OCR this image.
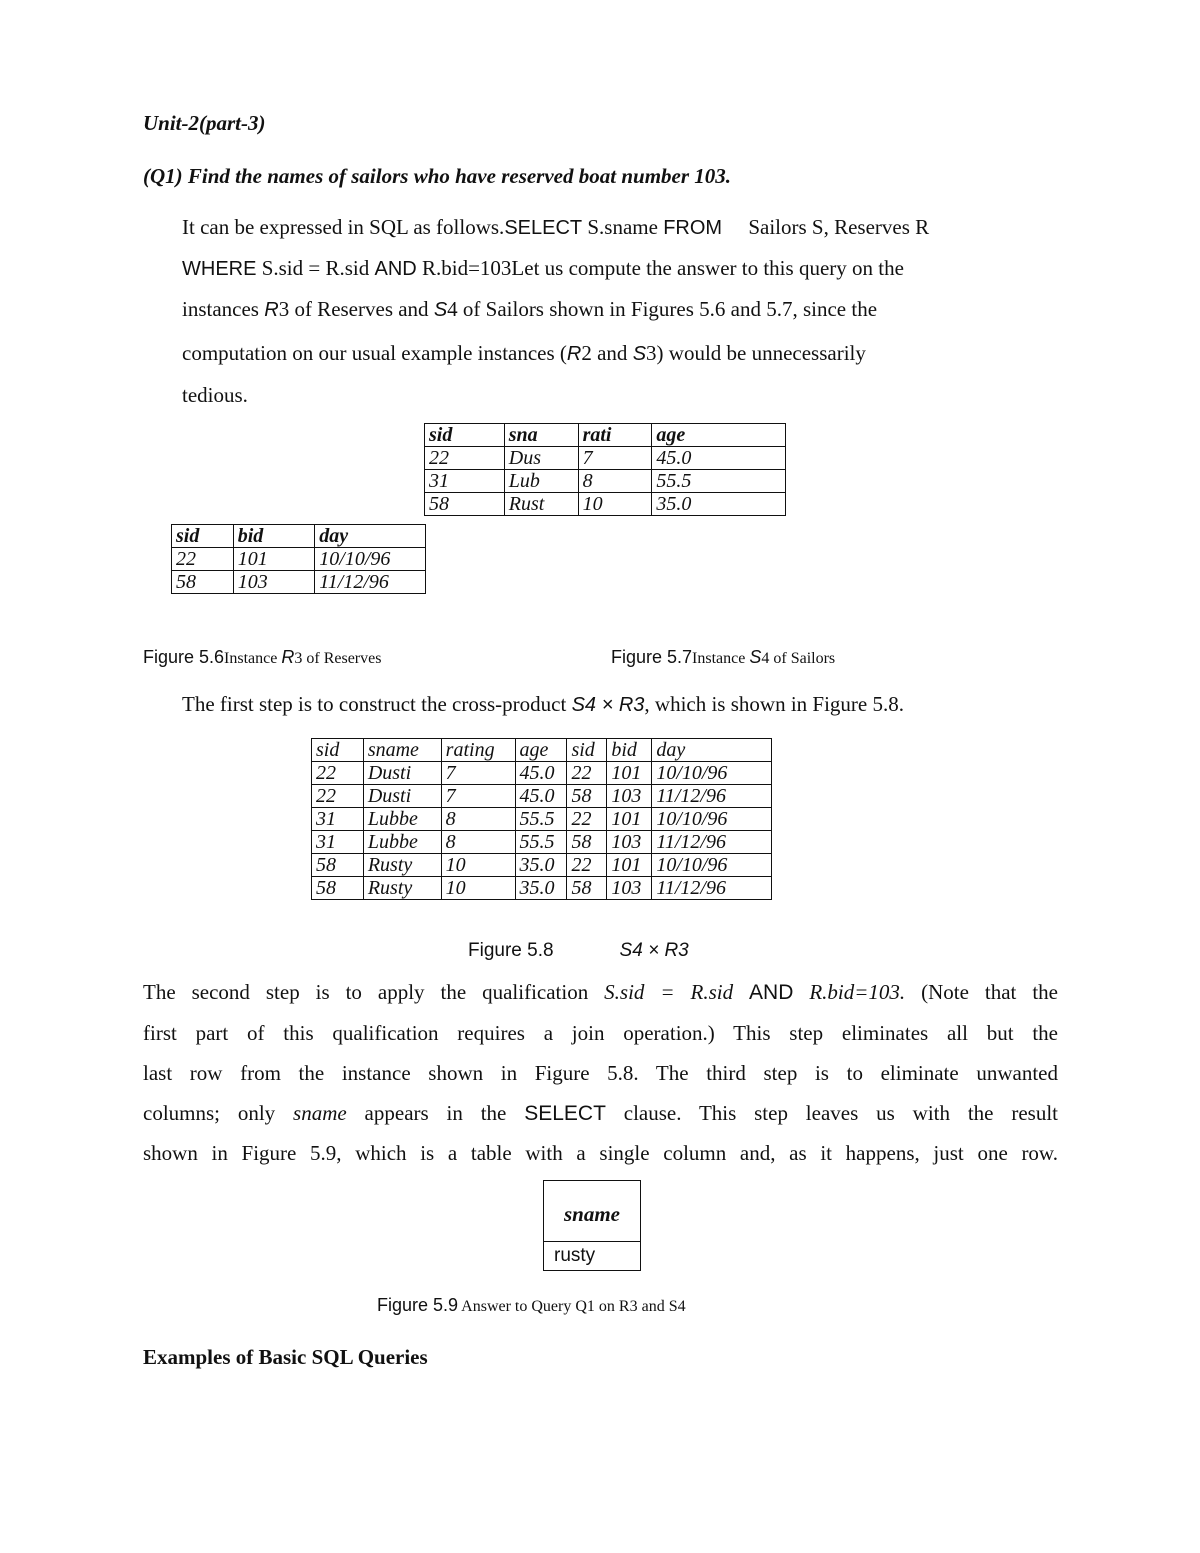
Unit-2(part-3)
(Q1) Find the names of sailors who have reserved boat number 103.
It can be expressed in SQL as follows.SELECT S.sname FROM     Sailors S, Reserves R
WHERE S.sid = R.sid AND R.bid=103Let us compute the answer to this query on the
instances R3 of Reserves and S4 of Sailors shown in Figures 5.6 and 5.7, since the
computation on our usual example instances (R2 and S3) would be unnecessarily
tedious.
sid	sna	rati	age
22	Dus	7	45.0
31	Lub	8	55.5
58	Rust	10	35.0
sid	bid	day
22	101	10/10/96
58	103	11/12/96
Figure 5.6Instance R3 of Reserves	Figure 5.7Instance S4 of Sailors
The first step is to construct the cross-product S4 × R3, which is shown in Figure 5.8.
sid	sname	rating	age	sid	bid	day
22	Dusti	7	45.0	22	101	10/10/96
22	Dusti	7	45.0	58	103	11/12/96
31	Lubbe	8	55.5	22	101	10/10/96
31	Lubbe	8	55.5	58	103	11/12/96
58	Rusty	10	35.0	22	101	10/10/96
58	Rusty	10	35.0	58	103	11/12/96
Figure 5.8	S4 × R3
The second step is to apply the qualification S.sid = R.sid AND R.bid=103. (Note that the
first part of this qualification requires a join operation.) This step eliminates all but the
last row from the instance shown in Figure 5.8. The third step is to eliminate unwanted
columns; only sname appears in the SELECT clause. This step leaves us with the result
shown in Figure 5.9, which is a table with a single column and, as it happens, just one row.
sname
rusty
Figure 5.9 Answer to Query Q1 on R3 and S4
Examples of Basic SQL Queries
